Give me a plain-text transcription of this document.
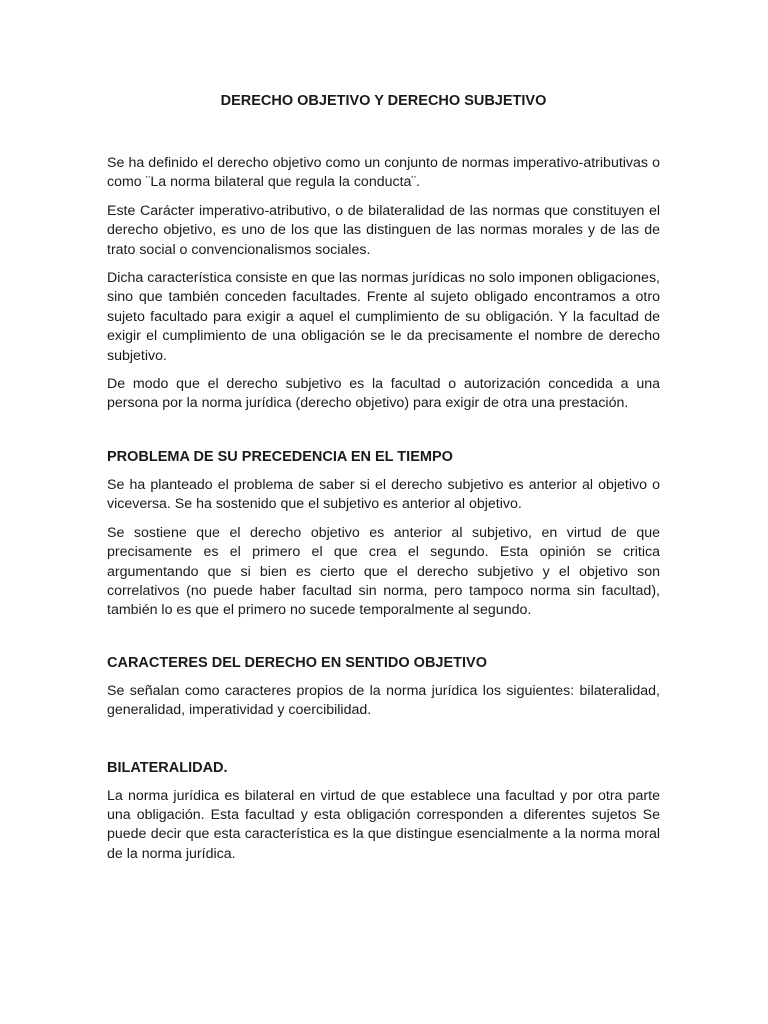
DERECHO OBJETIVO Y DERECHO SUBJETIVO

Se ha definido el derecho objetivo como un conjunto de normas imperativo-atributivas o como ¨La norma bilateral que regula la conducta¨.

Este Carácter imperativo-atributivo, o de bilateralidad de las normas que constituyen el derecho objetivo, es uno de los que las distinguen de las normas morales y de las de trato social o convencionalismos sociales.

Dicha característica consiste en que las normas jurídicas no solo imponen obligaciones, sino que también conceden facultades. Frente al sujeto obligado encontramos a otro sujeto facultado para exigir a aquel el cumplimiento de su obligación. Y la facultad de exigir el cumplimiento de una obligación se le da precisamente el nombre de derecho subjetivo.

De modo que el derecho subjetivo es la facultad o autorización concedida a una persona por la norma jurídica (derecho objetivo) para exigir de otra una prestación.

PROBLEMA DE SU PRECEDENCIA EN EL TIEMPO

Se ha planteado el problema de saber si el derecho subjetivo es anterior al objetivo o viceversa. Se ha sostenido que el subjetivo es anterior al objetivo.

Se sostiene que el derecho objetivo es anterior al subjetivo, en virtud de que precisamente es el primero el que crea el segundo. Esta opinión se critica argumentando que si bien es cierto que el derecho subjetivo y el objetivo son correlativos (no puede haber facultad sin norma, pero tampoco norma sin facultad), también lo es que el primero no sucede temporalmente al segundo.

CARACTERES DEL DERECHO EN SENTIDO OBJETIVO

Se señalan como caracteres propios de la norma jurídica los siguientes: bilateralidad, generalidad, imperatividad y coercibilidad.

BILATERALIDAD.

La norma jurídica es bilateral en virtud de que establece una facultad y por otra parte una obligación. Esta facultad y esta obligación corresponden a diferentes sujetos Se puede decir que esta característica es la que distingue esencialmente a la norma moral de la norma jurídica.
